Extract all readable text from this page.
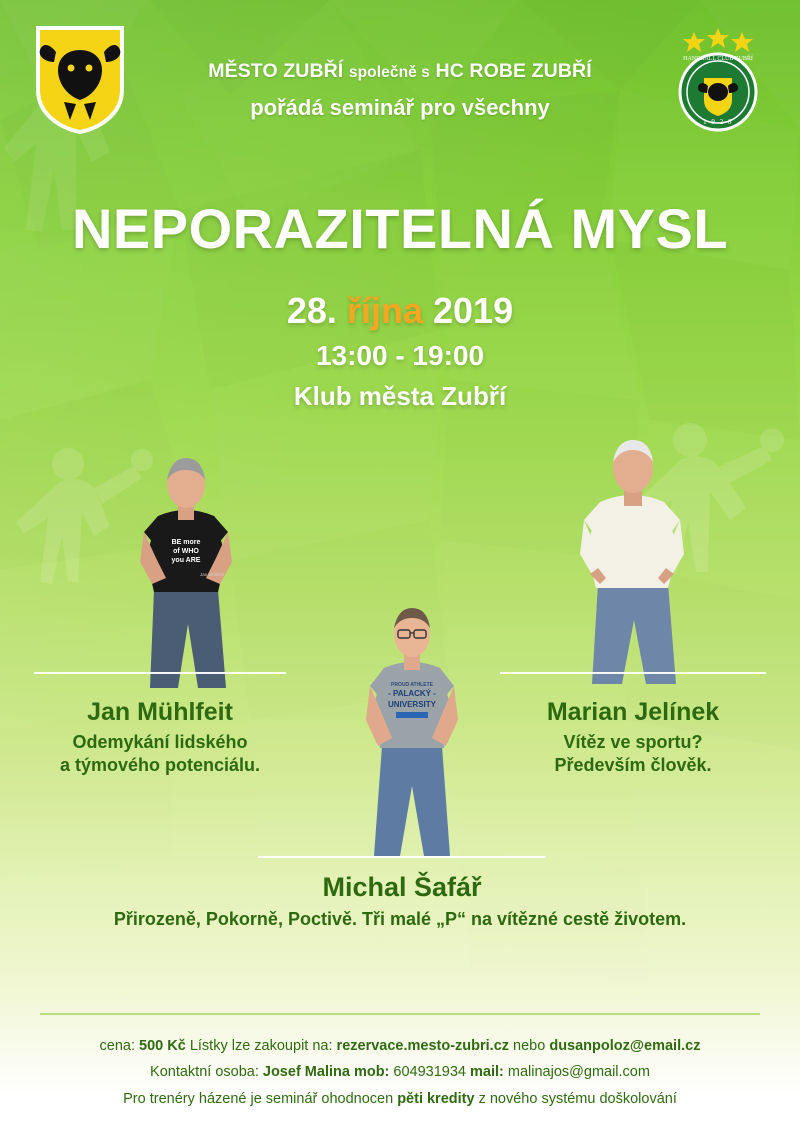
HANDBALL CLUB ZUBŘÍ
1 9 2 6
MĚSTO ZUBŘÍ společně s HC ROBE ZUBŘÍ
pořádá seminář pro všechny
NEPORAZITELNÁ MYSL
28. října 2019
13:00 - 19:00
Klub města Zubří
BE more
of WHO
you ARE
Jan Mühlfeit
PROUD ATHLETE
- PALACKÝ -
UNIVERSITY
Jan Mühlfeit
Odemykání lidského
a týmového potenciálu.
Marian Jelínek
Vítěz ve sportu?
Především člověk.
Michal Šafář
Přirozeně, Pokorně, Poctivě. Tři malé „P“ na vítězné cestě životem.
cena: 500 Kč Lístky lze zakoupit na: rezervace.mesto-zubri.cz nebo dusanpoloz@email.cz
Kontaktní osoba: Josef Malina mob: 604931934 mail: malinajos@gmail.com
Pro trenéry házené je seminář ohodnocen pěti kredity z nového systému doškolování
